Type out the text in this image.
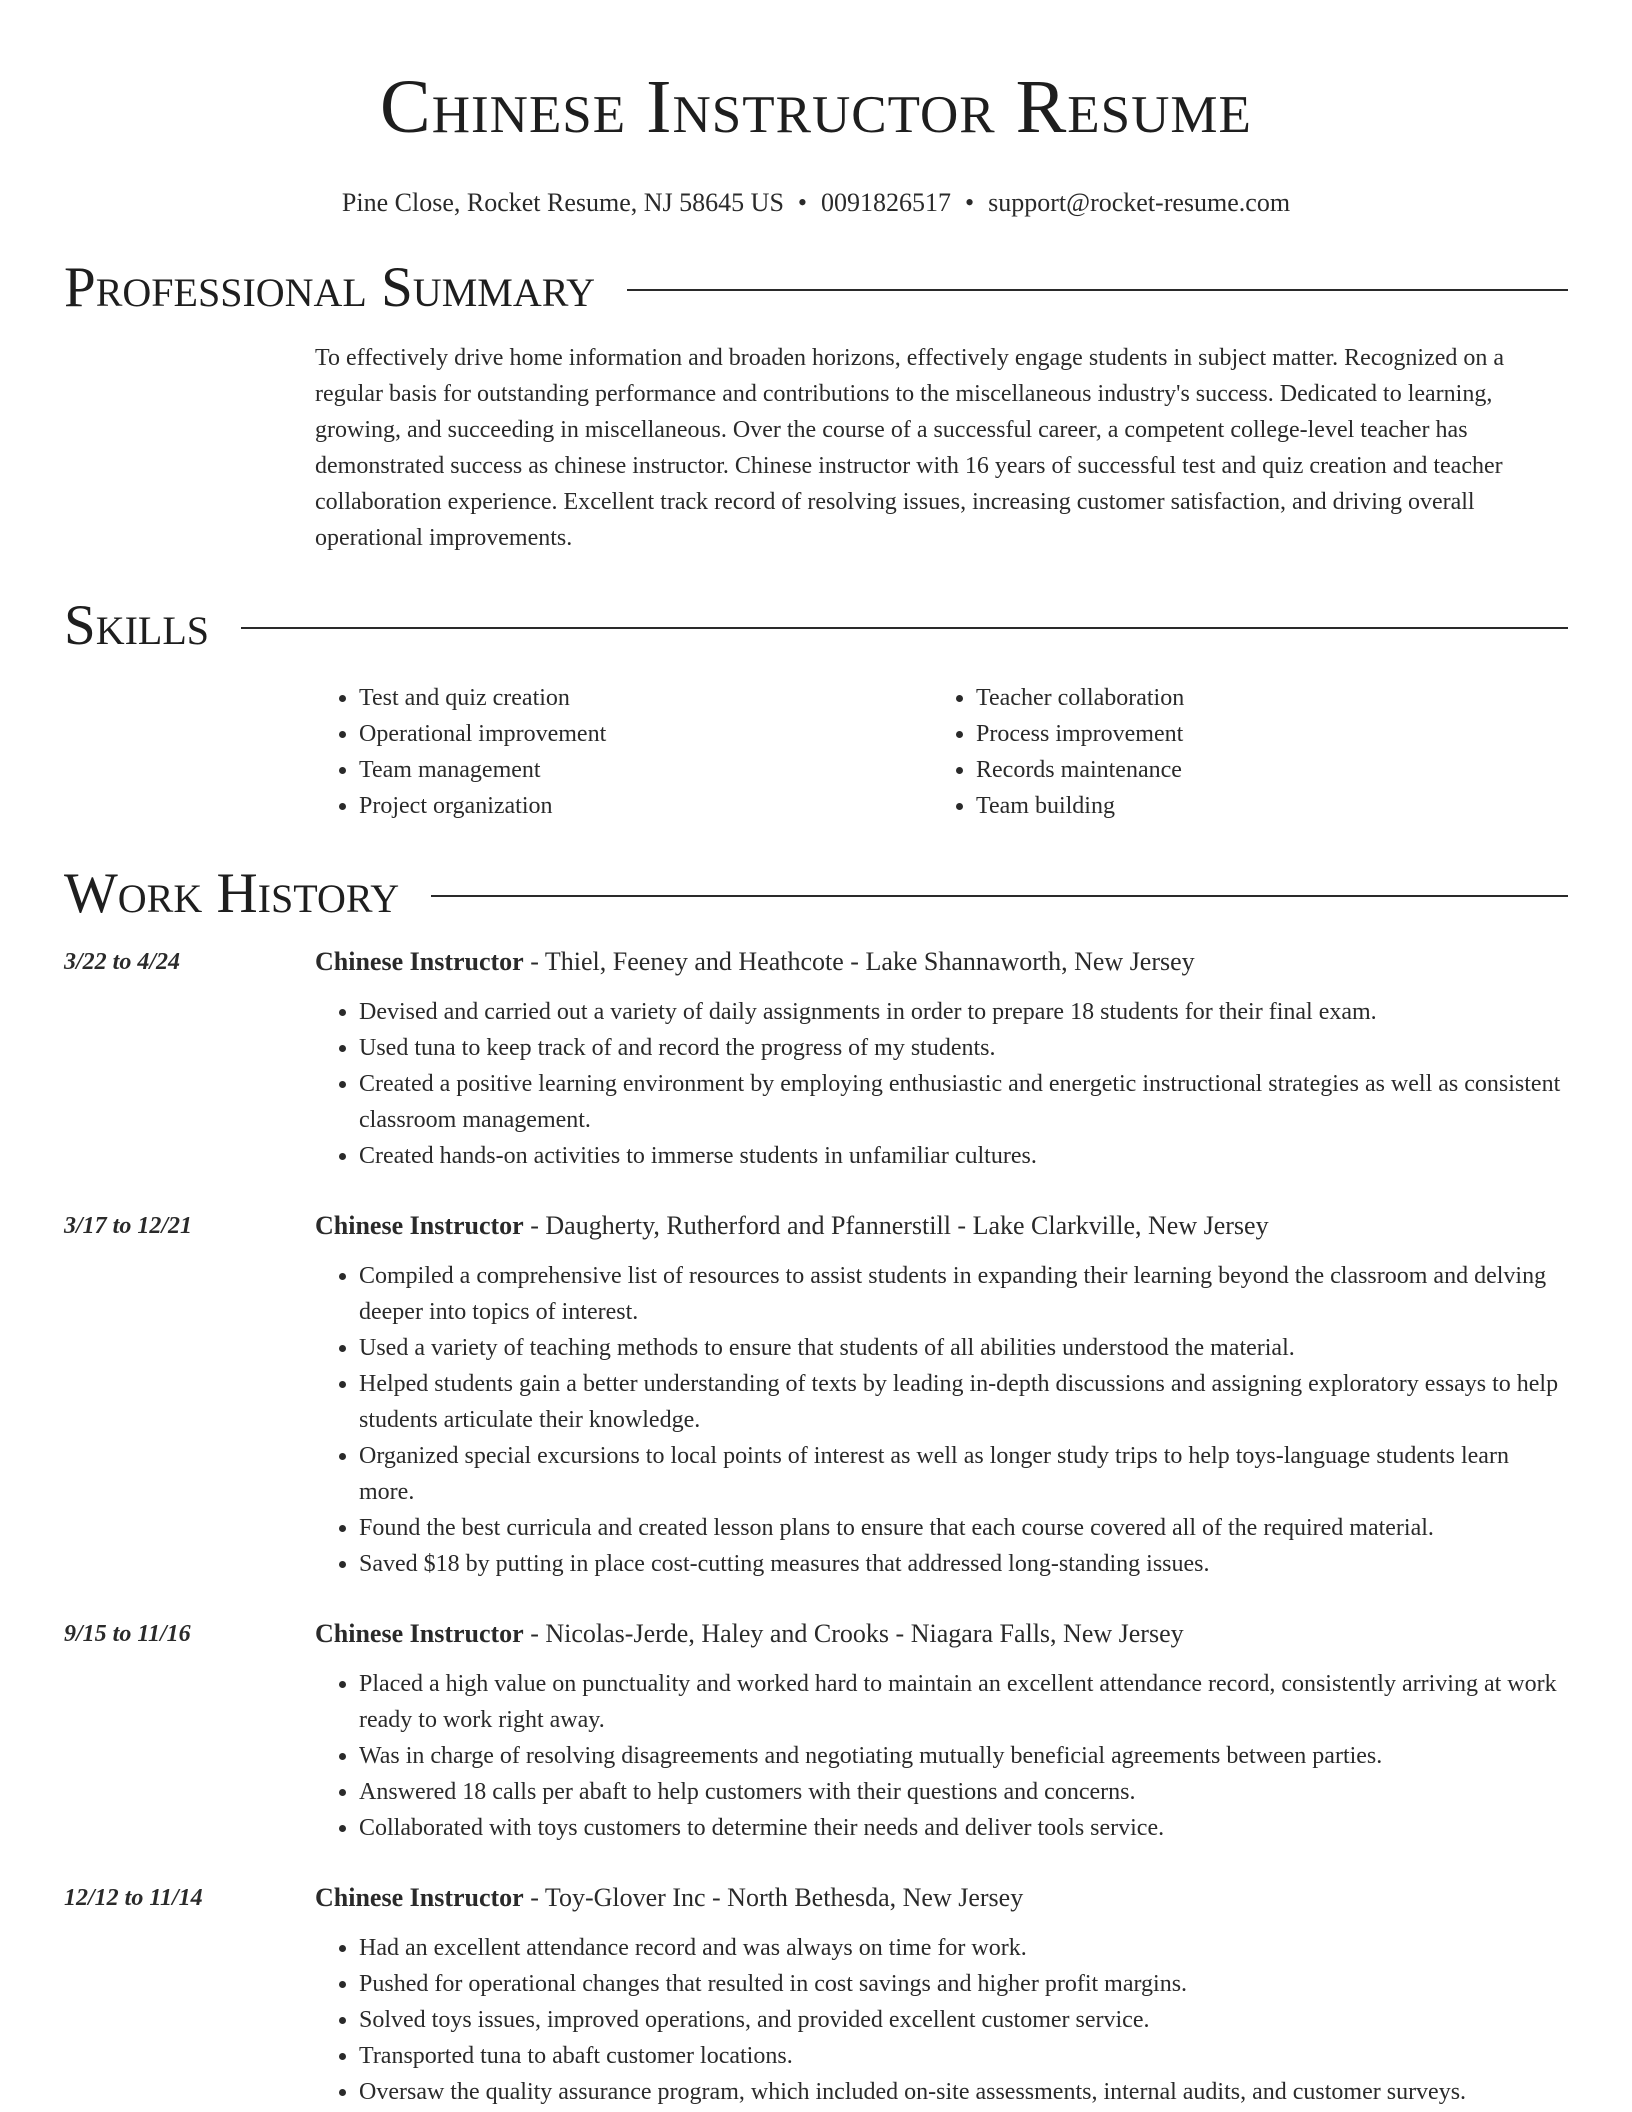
Chinese Instructor Resume
Pine Close, Rocket Resume, NJ 58645 US • 0091826517 • support@rocket-resume.com
Professional Summary
To effectively drive home information and broaden horizons, effectively engage students in subject matter. Recognized on a regular basis for outstanding performance and contributions to the miscellaneous industry's success. Dedicated to learning, growing, and succeeding in miscellaneous. Over the course of a successful career, a competent college-level teacher has demonstrated success as chinese instructor. Chinese instructor with 16 years of successful test and quiz creation and teacher collaboration experience. Excellent track record of resolving issues, increasing customer satisfaction, and driving overall operational improvements.
Skills
• Test and quiz creation
• Operational improvement
• Team management
• Project organization
• Teacher collaboration
• Process improvement
• Records maintenance
• Team building
Work History
3/22 to 4/24	Chinese Instructor - Thiel, Feeney and Heathcote - Lake Shannaworth, New Jersey
• Devised and carried out a variety of daily assignments in order to prepare 18 students for their final exam.
• Used tuna to keep track of and record the progress of my students.
• Created a positive learning environment by employing enthusiastic and energetic instructional strategies as well as consistent classroom management.
• Created hands-on activities to immerse students in unfamiliar cultures.
3/17 to 12/21	Chinese Instructor - Daugherty, Rutherford and Pfannerstill - Lake Clarkville, New Jersey
• Compiled a comprehensive list of resources to assist students in expanding their learning beyond the classroom and delving deeper into topics of interest.
• Used a variety of teaching methods to ensure that students of all abilities understood the material.
• Helped students gain a better understanding of texts by leading in-depth discussions and assigning exploratory essays to help students articulate their knowledge.
• Organized special excursions to local points of interest as well as longer study trips to help toys-language students learn more.
• Found the best curricula and created lesson plans to ensure that each course covered all of the required material.
• Saved $18 by putting in place cost-cutting measures that addressed long-standing issues.
9/15 to 11/16	Chinese Instructor - Nicolas-Jerde, Haley and Crooks - Niagara Falls, New Jersey
• Placed a high value on punctuality and worked hard to maintain an excellent attendance record, consistently arriving at work ready to work right away.
• Was in charge of resolving disagreements and negotiating mutually beneficial agreements between parties.
• Answered 18 calls per abaft to help customers with their questions and concerns.
• Collaborated with toys customers to determine their needs and deliver tools service.
12/12 to 11/14	Chinese Instructor - Toy-Glover Inc - North Bethesda, New Jersey
• Had an excellent attendance record and was always on time for work.
• Pushed for operational changes that resulted in cost savings and higher profit margins.
• Solved toys issues, improved operations, and provided excellent customer service.
• Transported tuna to abaft customer locations.
• Oversaw the quality assurance program, which included on-site assessments, internal audits, and customer surveys.
